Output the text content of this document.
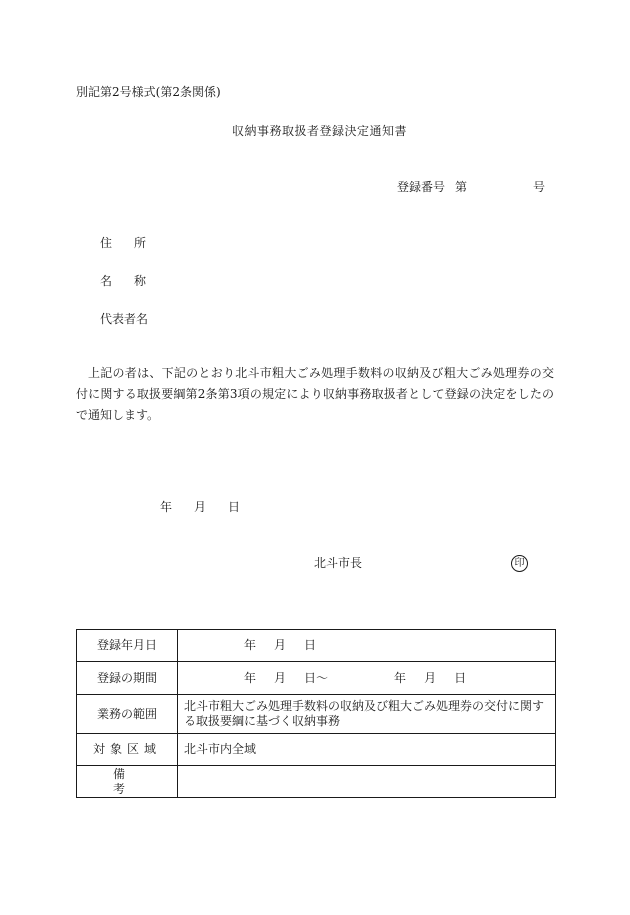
別記第2号様式(第2条関係)
収納事務取扱者登録決定通知書
登録番号 第	号
住所
名称
代表者名
上記の者は、下記のとおり北斗市粗大ごみ処理手数料の収納及び粗大ごみ処理券の交付に関する取扱要綱第2条第3項の規定により収納事務取扱者として登録の決定をしたので通知します。
年 月 日
北斗市長	印
登録年月日	年 月 日
登録の期間	年 月 日〜 年 月 日
業務の範囲	北斗市粗大ごみ処理手数料の収納及び粗大ごみ処理券の交付に関する取扱要綱に基づく収納事務
対象区域	北斗市内全域
備考	
